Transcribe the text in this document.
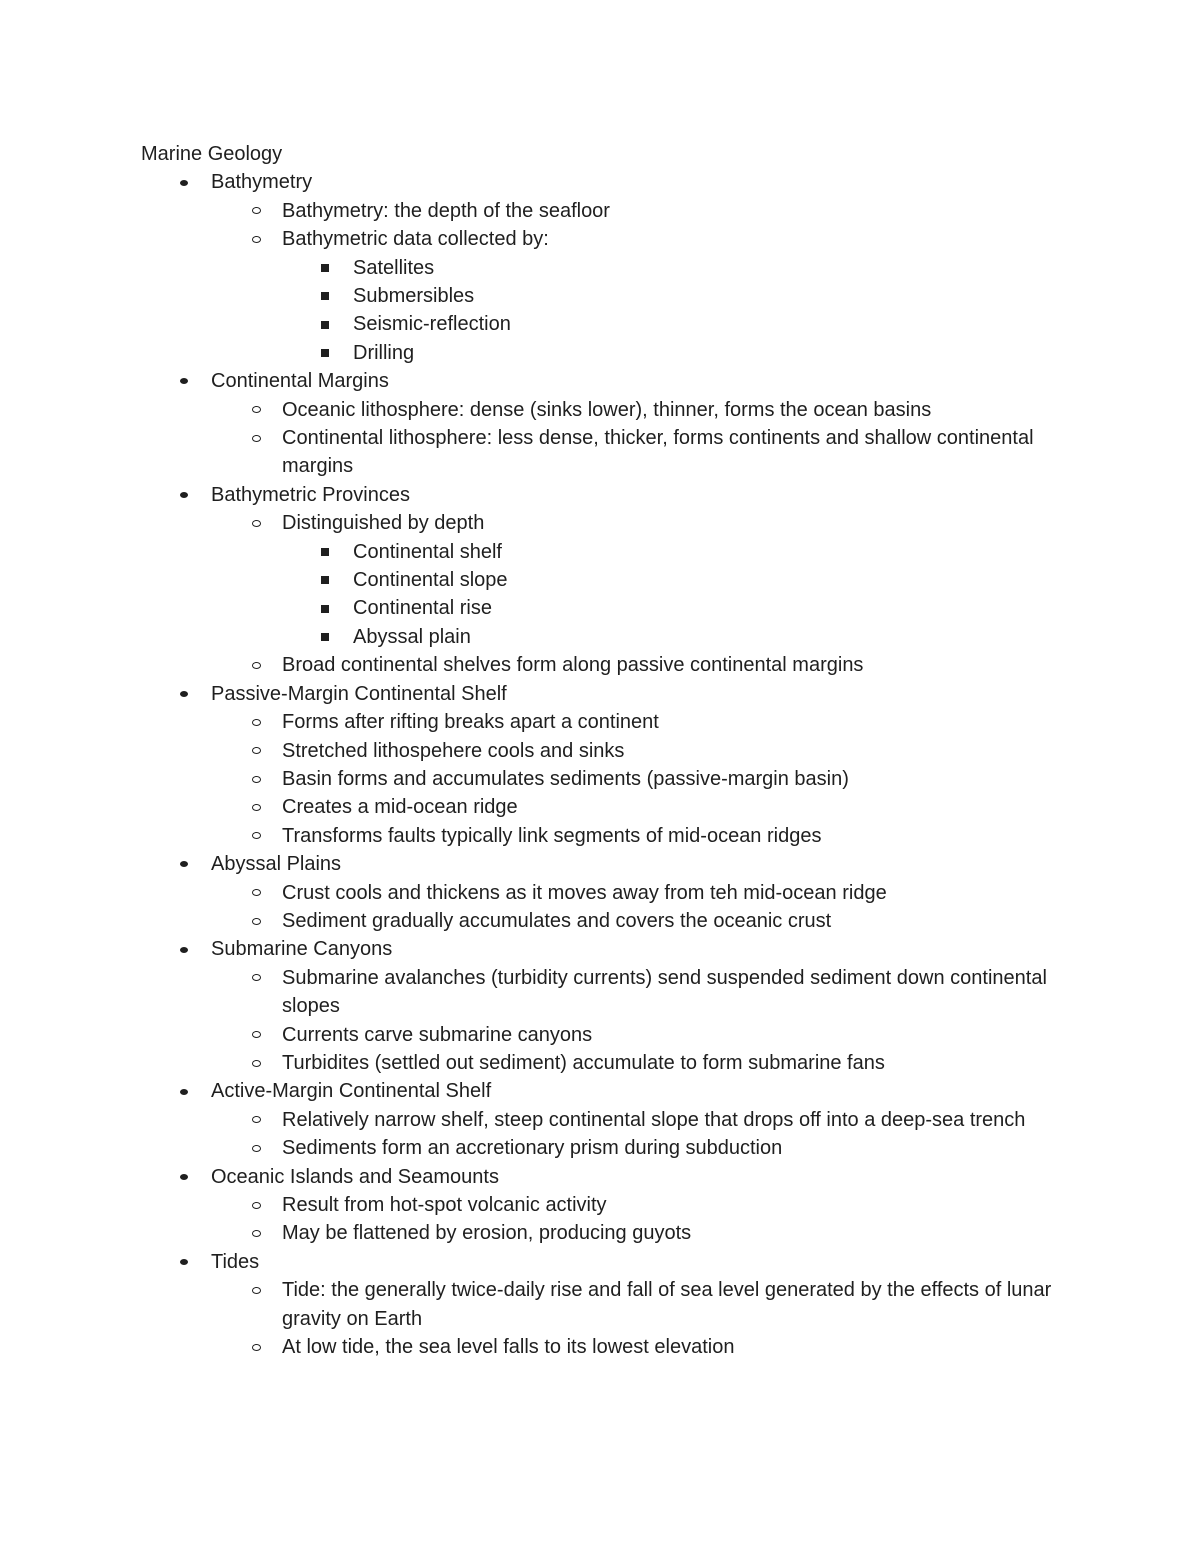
Marine Geology
Bathymetry
Bathymetry: the depth of the seafloor
Bathymetric data collected by:
Satellites
Submersibles
Seismic-reflection
Drilling
Continental Margins
Oceanic lithosphere: dense (sinks lower), thinner, forms the ocean basins
Continental lithosphere: less dense, thicker, forms continents and shallow continental margins
Bathymetric Provinces
Distinguished by depth
Continental shelf
Continental slope
Continental rise
Abyssal plain
Broad continental shelves form along passive continental margins
Passive-Margin Continental Shelf
Forms after rifting breaks apart a continent
Stretched lithospehere cools and sinks
Basin forms and accumulates sediments (passive-margin basin)
Creates a mid-ocean ridge
Transforms faults typically link segments of mid-ocean ridges
Abyssal Plains
Crust cools and thickens as it moves away from teh mid-ocean ridge
Sediment gradually accumulates and covers the oceanic crust
Submarine Canyons
Submarine avalanches (turbidity currents) send suspended sediment down continental slopes
Currents carve submarine canyons
Turbidites (settled out sediment) accumulate to form submarine fans
Active-Margin Continental Shelf
Relatively narrow shelf, steep continental slope that drops off into a deep-sea trench
Sediments form an accretionary prism during subduction
Oceanic Islands and Seamounts
Result from hot-spot volcanic activity
May be flattened by erosion, producing guyots
Tides
Tide: the generally twice-daily rise and fall of sea level generated by the effects of lunar gravity on Earth
At low tide, the sea level falls to its lowest elevation
